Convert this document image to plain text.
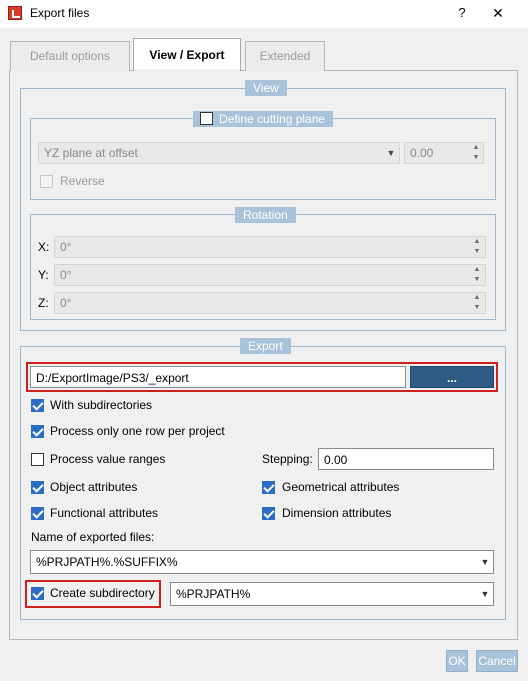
Export files	?	✕
Default options	View / Export	Extended
View
Define cutting plane
YZ plane at offset	▼	0.00	▲
▼
Reverse
Rotation
X: 0°	▲
▼
Y: 0°	▲
▼
Z: 0°	▲
▼
Export
D:/ExportImage/PS3/_export	...
With subdirectories
Process only one row per project
Process value ranges	Stepping: 0.00
Object attributes	Geometrical attributes
Functional attributes	Dimension attributes
Name of exported files:
%PRJPATH%.%SUFFIX%	▼
Create subdirectory	%PRJPATH%	▼
OK Cancel
